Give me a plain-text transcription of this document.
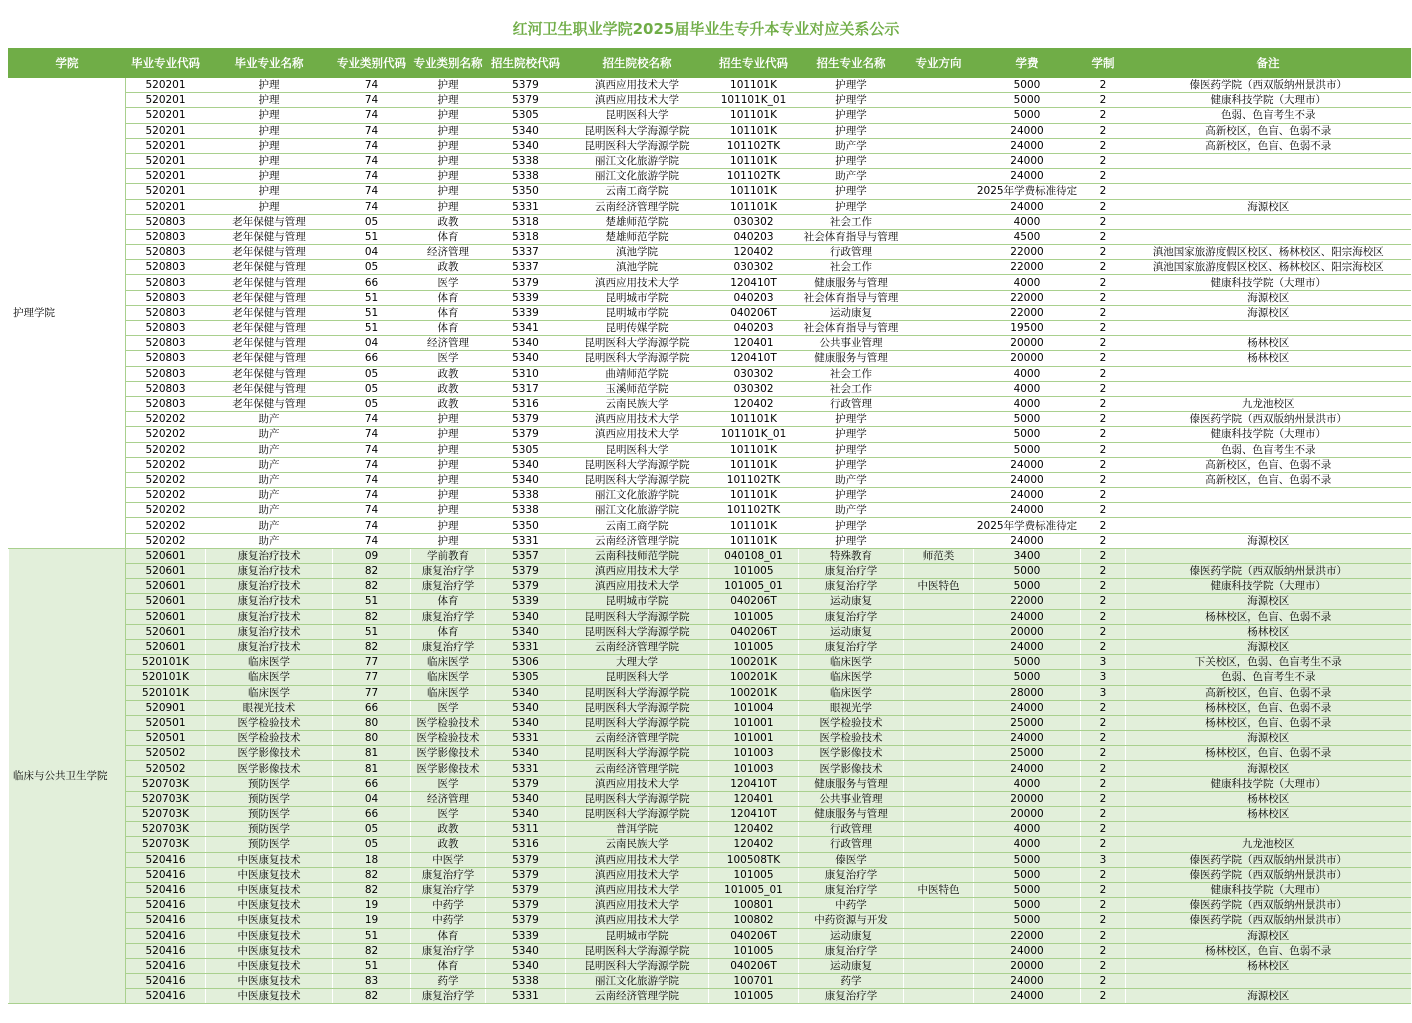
红河卫生职业学院2025届毕业生专升本专业对应关系公示
学院	毕业专业代码	毕业专业名称	专业类别代码	专业类别名称	招生院校代码	招生院校名称	招生专业代码	招生专业名称	专业方向	学费	学制	备注
护理学院	520201	护理	74	护理	5379	滇西应用技术大学	101101K	护理学		5000	2	傣医药学院（西双版纳州景洪市）
	520201	护理	74	护理	5379	滇西应用技术大学	101101K_01	护理学		5000	2	健康科技学院（大理市）
	520201	护理	74	护理	5305	昆明医科大学	101101K	护理学		5000	2	色弱、色盲考生不录
	520201	护理	74	护理	5340	昆明医科大学海源学院	101101K	护理学		24000	2	高新校区，色盲、色弱不录
	520201	护理	74	护理	5340	昆明医科大学海源学院	101102TK	助产学		24000	2	高新校区，色盲、色弱不录
	520201	护理	74	护理	5338	丽江文化旅游学院	101101K	护理学		24000	2	
	520201	护理	74	护理	5338	丽江文化旅游学院	101102TK	助产学		24000	2	
	520201	护理	74	护理	5350	云南工商学院	101101K	护理学		2025年学费标准待定	2	
	520201	护理	74	护理	5331	云南经济管理学院	101101K	护理学		24000	2	海源校区
	520803	老年保健与管理	05	政教	5318	楚雄师范学院	030302	社会工作		4000	2	
	520803	老年保健与管理	51	体育	5318	楚雄师范学院	040203	社会体育指导与管理		4500	2	
	520803	老年保健与管理	04	经济管理	5337	滇池学院	120402	行政管理		22000	2	滇池国家旅游度假区校区、杨林校区、阳宗海校区
	520803	老年保健与管理	05	政教	5337	滇池学院	030302	社会工作		22000	2	滇池国家旅游度假区校区、杨林校区、阳宗海校区
	520803	老年保健与管理	66	医学	5379	滇西应用技术大学	120410T	健康服务与管理		4000	2	健康科技学院（大理市）
	520803	老年保健与管理	51	体育	5339	昆明城市学院	040203	社会体育指导与管理		22000	2	海源校区
	520803	老年保健与管理	51	体育	5339	昆明城市学院	040206T	运动康复		22000	2	海源校区
	520803	老年保健与管理	51	体育	5341	昆明传媒学院	040203	社会体育指导与管理		19500	2	
	520803	老年保健与管理	04	经济管理	5340	昆明医科大学海源学院	120401	公共事业管理		20000	2	杨林校区
	520803	老年保健与管理	66	医学	5340	昆明医科大学海源学院	120410T	健康服务与管理		20000	2	杨林校区
	520803	老年保健与管理	05	政教	5310	曲靖师范学院	030302	社会工作		4000	2	
	520803	老年保健与管理	05	政教	5317	玉溪师范学院	030302	社会工作		4000	2	
	520803	老年保健与管理	05	政教	5316	云南民族大学	120402	行政管理		4000	2	九龙池校区
	520202	助产	74	护理	5379	滇西应用技术大学	101101K	护理学		5000	2	傣医药学院（西双版纳州景洪市）
	520202	助产	74	护理	5379	滇西应用技术大学	101101K_01	护理学		5000	2	健康科技学院（大理市）
	520202	助产	74	护理	5305	昆明医科大学	101101K	护理学		5000	2	色弱、色盲考生不录
	520202	助产	74	护理	5340	昆明医科大学海源学院	101101K	护理学		24000	2	高新校区，色盲、色弱不录
	520202	助产	74	护理	5340	昆明医科大学海源学院	101102TK	助产学		24000	2	高新校区，色盲、色弱不录
	520202	助产	74	护理	5338	丽江文化旅游学院	101101K	护理学		24000	2	
	520202	助产	74	护理	5338	丽江文化旅游学院	101102TK	助产学		24000	2	
	520202	助产	74	护理	5350	云南工商学院	101101K	护理学		2025年学费标准待定	2	
	520202	助产	74	护理	5331	云南经济管理学院	101101K	护理学		24000	2	海源校区
临床与公共卫生学院	520601	康复治疗技术	09	学前教育	5357	云南科技师范学院	040108_01	特殊教育	师范类	3400	2	
	520601	康复治疗技术	82	康复治疗学	5379	滇西应用技术大学	101005	康复治疗学		5000	2	傣医药学院（西双版纳州景洪市）
	520601	康复治疗技术	82	康复治疗学	5379	滇西应用技术大学	101005_01	康复治疗学	中医特色	5000	2	健康科技学院（大理市）
	520601	康复治疗技术	51	体育	5339	昆明城市学院	040206T	运动康复		22000	2	海源校区
	520601	康复治疗技术	82	康复治疗学	5340	昆明医科大学海源学院	101005	康复治疗学		24000	2	杨林校区，色盲、色弱不录
	520601	康复治疗技术	51	体育	5340	昆明医科大学海源学院	040206T	运动康复		20000	2	杨林校区
	520601	康复治疗技术	82	康复治疗学	5331	云南经济管理学院	101005	康复治疗学		24000	2	海源校区
	520101K	临床医学	77	临床医学	5306	大理大学	100201K	临床医学		5000	3	下关校区，色弱、色盲考生不录
	520101K	临床医学	77	临床医学	5305	昆明医科大学	100201K	临床医学		5000	3	色弱、色盲考生不录
	520101K	临床医学	77	临床医学	5340	昆明医科大学海源学院	100201K	临床医学		28000	3	高新校区，色盲、色弱不录
	520901	眼视光技术	66	医学	5340	昆明医科大学海源学院	101004	眼视光学		24000	2	杨林校区，色盲、色弱不录
	520501	医学检验技术	80	医学检验技术	5340	昆明医科大学海源学院	101001	医学检验技术		25000	2	杨林校区，色盲、色弱不录
	520501	医学检验技术	80	医学检验技术	5331	云南经济管理学院	101001	医学检验技术		24000	2	海源校区
	520502	医学影像技术	81	医学影像技术	5340	昆明医科大学海源学院	101003	医学影像技术		25000	2	杨林校区，色盲、色弱不录
	520502	医学影像技术	81	医学影像技术	5331	云南经济管理学院	101003	医学影像技术		24000	2	海源校区
	520703K	预防医学	66	医学	5379	滇西应用技术大学	120410T	健康服务与管理		4000	2	健康科技学院（大理市）
	520703K	预防医学	04	经济管理	5340	昆明医科大学海源学院	120401	公共事业管理		20000	2	杨林校区
	520703K	预防医学	66	医学	5340	昆明医科大学海源学院	120410T	健康服务与管理		20000	2	杨林校区
	520703K	预防医学	05	政教	5311	普洱学院	120402	行政管理		4000	2	
	520703K	预防医学	05	政教	5316	云南民族大学	120402	行政管理		4000	2	九龙池校区
	520416	中医康复技术	18	中医学	5379	滇西应用技术大学	100508TK	傣医学		5000	3	傣医药学院（西双版纳州景洪市）
	520416	中医康复技术	82	康复治疗学	5379	滇西应用技术大学	101005	康复治疗学		5000	2	傣医药学院（西双版纳州景洪市）
	520416	中医康复技术	82	康复治疗学	5379	滇西应用技术大学	101005_01	康复治疗学	中医特色	5000	2	健康科技学院（大理市）
	520416	中医康复技术	19	中药学	5379	滇西应用技术大学	100801	中药学		5000	2	傣医药学院（西双版纳州景洪市）
	520416	中医康复技术	19	中药学	5379	滇西应用技术大学	100802	中药资源与开发		5000	2	傣医药学院（西双版纳州景洪市）
	520416	中医康复技术	51	体育	5339	昆明城市学院	040206T	运动康复		22000	2	海源校区
	520416	中医康复技术	82	康复治疗学	5340	昆明医科大学海源学院	101005	康复治疗学		24000	2	杨林校区，色盲、色弱不录
	520416	中医康复技术	51	体育	5340	昆明医科大学海源学院	040206T	运动康复		20000	2	杨林校区
	520416	中医康复技术	83	药学	5338	丽江文化旅游学院	100701	药学		24000	2	
	520416	中医康复技术	82	康复治疗学	5331	云南经济管理学院	101005	康复治疗学		24000	2	海源校区
